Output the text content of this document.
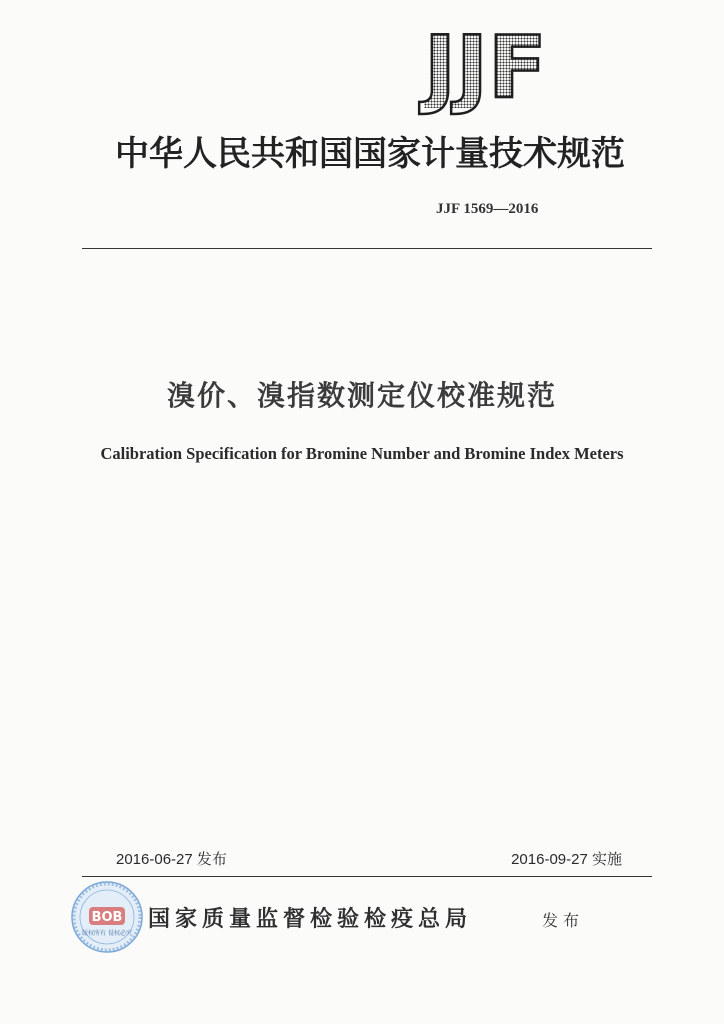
JJF
中华人民共和国国家计量技术规范
JJF 1569—2016
溴价、溴指数测定仪校准规范
Calibration Specification for Bromine Number and Bromine Index Meters
2016-06-27 发布	2016-09-27 实施
BOB
版权所有 侵权必究
国家质量监督检验检疫总局	发布
